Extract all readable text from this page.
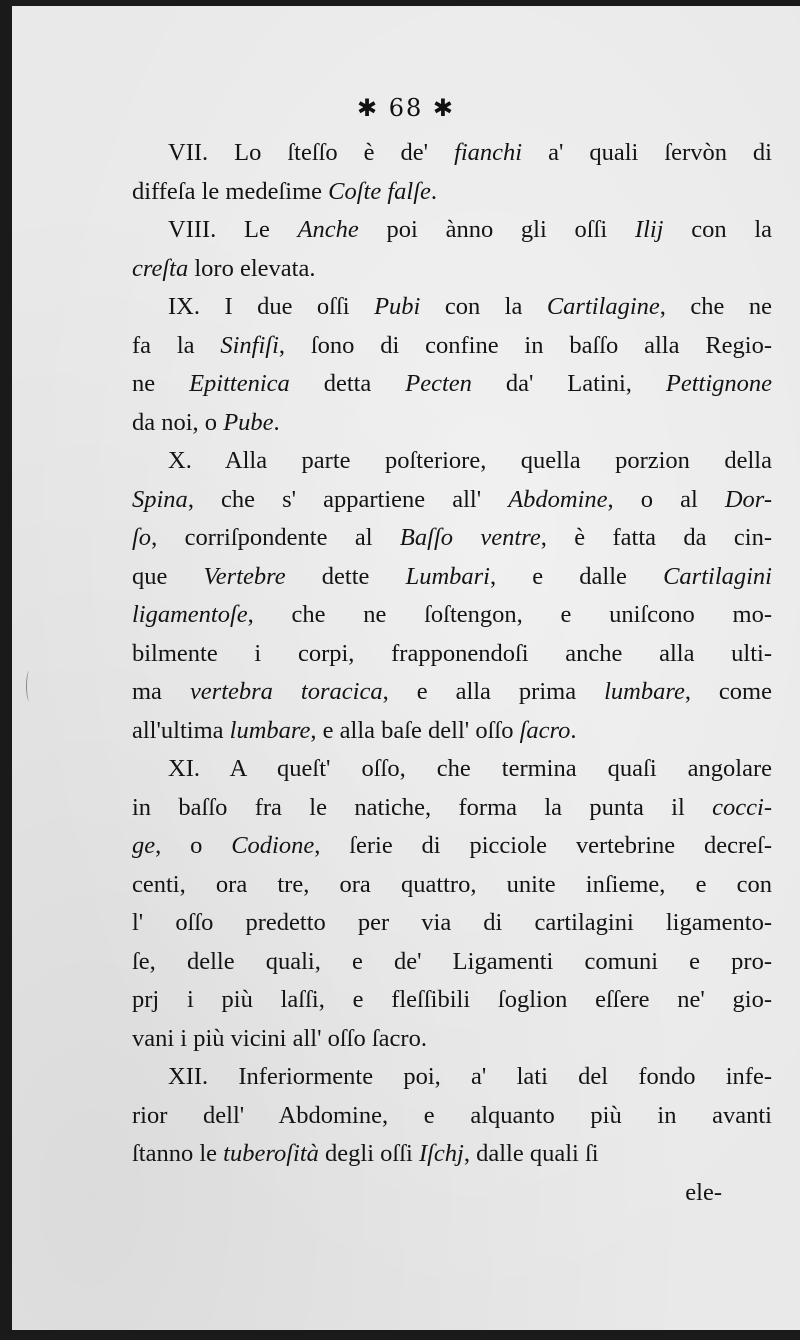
✱ 68 ✱
VII. Lo ſteſſo è de' fianchi a' quali ſervòn di
diffeſa le medeſime Coſte falſe.
VIII. Le Anche poi ànno gli oſſi Ilij con la
creſta loro elevata.
IX. I due oſſi Pubi con la Cartilagine, che ne
fa la Sinfiſi, ſono di confine in baſſo alla Regio-
ne Epittenica detta Pecten da' Latini, Pettignone
da noi, o Pube.
X. Alla parte poſteriore, quella porzion della
Spina, che s' appartiene all' Abdomine, o al Dor-
ſo, corriſpondente al Baſſo ventre, è fatta da cin-
que Vertebre dette Lumbari, e dalle Cartilagini
ligamentoſe, che ne ſoſtengon, e uniſcono mo-
bilmente i corpi, frapponendoſi anche alla ulti-
ma vertebra toracica, e alla prima lumbare, come
all'ultima lumbare, e alla baſe dell' oſſo ſacro.
XI. A queſt' oſſo, che termina quaſi angolare
in baſſo fra le natiche, forma la punta il cocci-
ge, o Codione, ſerie di picciole vertebrine decreſ-
centi, ora tre, ora quattro, unite inſieme, e con
l' oſſo predetto per via di cartilagini ligamento-
ſe, delle quali, e de' Ligamenti comuni e pro-
prj i più laſſi, e fleſſibili ſoglion eſſere ne' gio-
vani i più vicini all' oſſo ſacro.
XII. Inferiormente poi, a' lati del fondo infe-
rior dell' Abdomine, e alquanto più in avanti
ſtanno le tuberoſità degli oſſi Iſchj, dalle quali ſi
ele-
